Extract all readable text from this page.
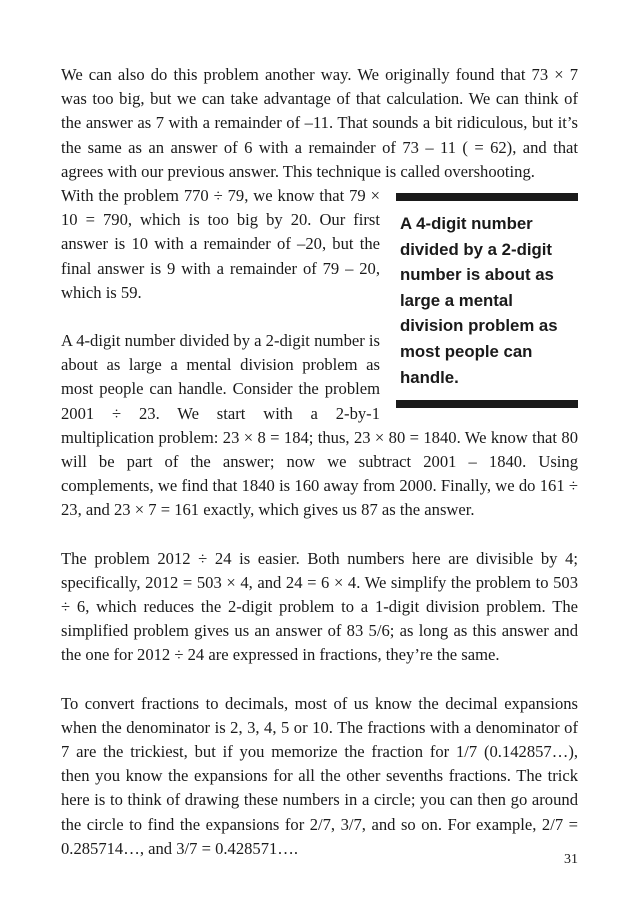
We can also do this problem another way. We originally found that 73 × 7 was too big, but we can take advantage of that calculation. We can think of the answer as 7 with a remainder of –11. That sounds a bit ridiculous, but it’s the same as an answer of 6 with a remainder of 73 – 11 ( = 62), and that agrees with our previous answer. This technique is called overshooting.

A 4-digit number divided by a 2-digit number is about as large a mental division problem as most people can handle.

With the problem 770 ÷ 79, we know that 79 × 10 = 790, which is too big by 20. Our first answer is 10 with a remainder of –20, but the final answer is 9 with a remainder of 79 – 20, which is 59.

A 4-digit number divided by a 2-digit number is about as large a mental division problem as most people can handle. Consider the problem 2001 ÷ 23. We start with a 2-by-1 multiplication problem: 23 × 8 = 184; thus, 23 × 80 = 1840. We know that 80 will be part of the answer; now we subtract 2001 – 1840. Using complements, we find that 1840 is 160 away from 2000. Finally, we do 161 ÷ 23, and 23 × 7 = 161 exactly, which gives us 87 as the answer.

The problem 2012 ÷ 24 is easier. Both numbers here are divisible by 4; specifically, 2012 = 503 × 4, and 24 = 6 × 4. We simplify the problem to 503 ÷ 6, which reduces the 2-digit problem to a 1-digit division problem. The simplified problem gives us an answer of 83 5/6; as long as this answer and the one for 2012 ÷ 24 are expressed in fractions, they’re the same.

To convert fractions to decimals, most of us know the decimal expansions when the denominator is 2, 3, 4, 5 or 10. The fractions with a denominator of 7 are the trickiest, but if you memorize the fraction for 1/7 (0.142857…), then you know the expansions for all the other sevenths fractions. The trick here is to think of drawing these numbers in a circle; you can then go around the circle to find the expansions for 2/7, 3/7, and so on. For example, 2/7 = 0.285714…, and 3/7 = 0.428571….

31
